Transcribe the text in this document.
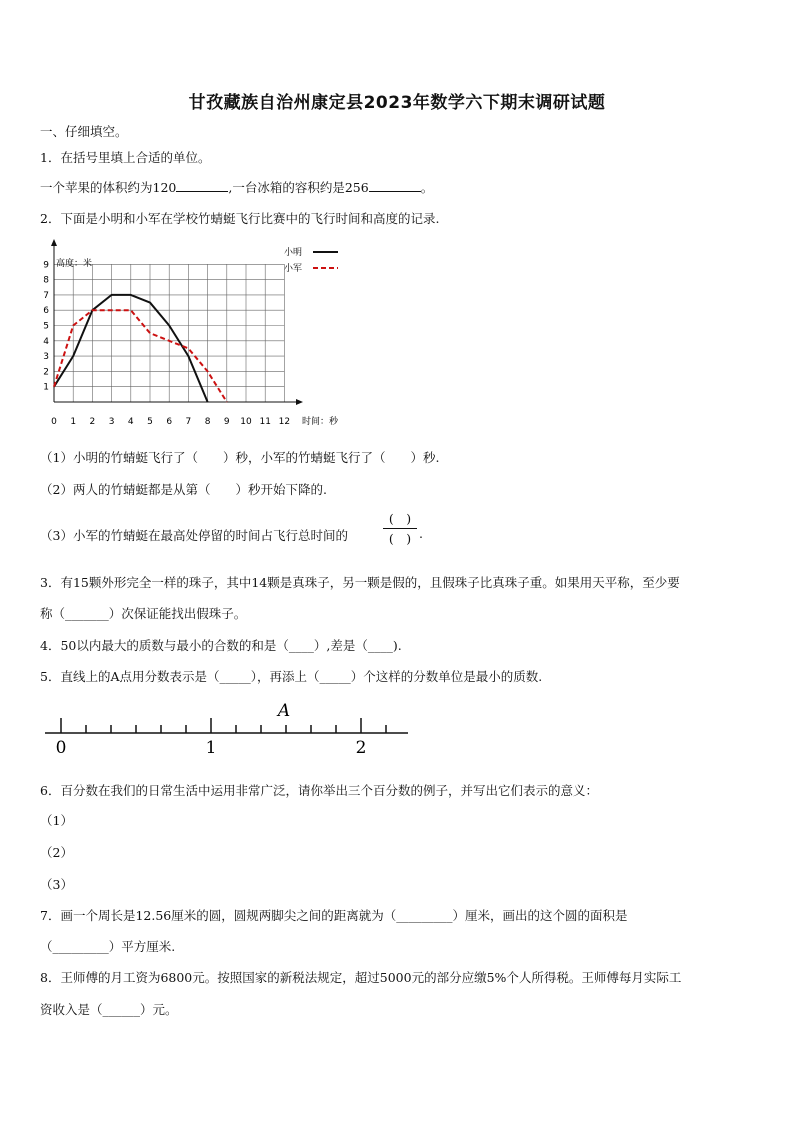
甘孜藏族自治州康定县2023年数学六下期末调研试题
一、仔细填空。
1．在括号里填上合适的单位。
一个苹果的体积约为120	,一台冰箱的容积约是256	。
2．下面是小明和小军在学校竹蜻蜓飞行比赛中的飞行时间和高度的记录.
0 1 2 3 4 5 6 7 8 9 10 11 12
1
2
3
4
5
6
7
8
9 高度：米
时间：秒
小明
小军
（1）小明的竹蜻蜓飞行了（　　）秒，小军的竹蜻蜓飞行了（　　）秒.
（2）两人的竹蜻蜓都是从第（　　）秒开始下降的.
（3）小军的竹蜻蜓在最高处停留的时间占飞行总时间的
(　)
(　) .
3．有15颗外形完全一样的珠子，其中14颗是真珠子，另一颗是假的，且假珠子比真珠子重。如果用天平称，至少要
称（_______）次保证能找出假珠子。
4．50以内最大的质数与最小的合数的和是（____）,差是（____).
5．直线上的A点用分数表示是（_____），再添上（_____）个这样的分数单位是最小的质数.
0	1	2
A
6．百分数在我们的日常生活中运用非常广泛，请你举出三个百分数的例子，并写出它们表示的意义：
（1）
（2）
（3）
7．画一个周长是12.56厘米的圆，圆规两脚尖之间的距离就为（_________）厘米，画出的这个圆的面积是
（_________）平方厘米.
8．王师傅的月工资为6800元。按照国家的新税法规定，超过5000元的部分应缴5%个人所得税。王师傅每月实际工
资收入是（______）元。
